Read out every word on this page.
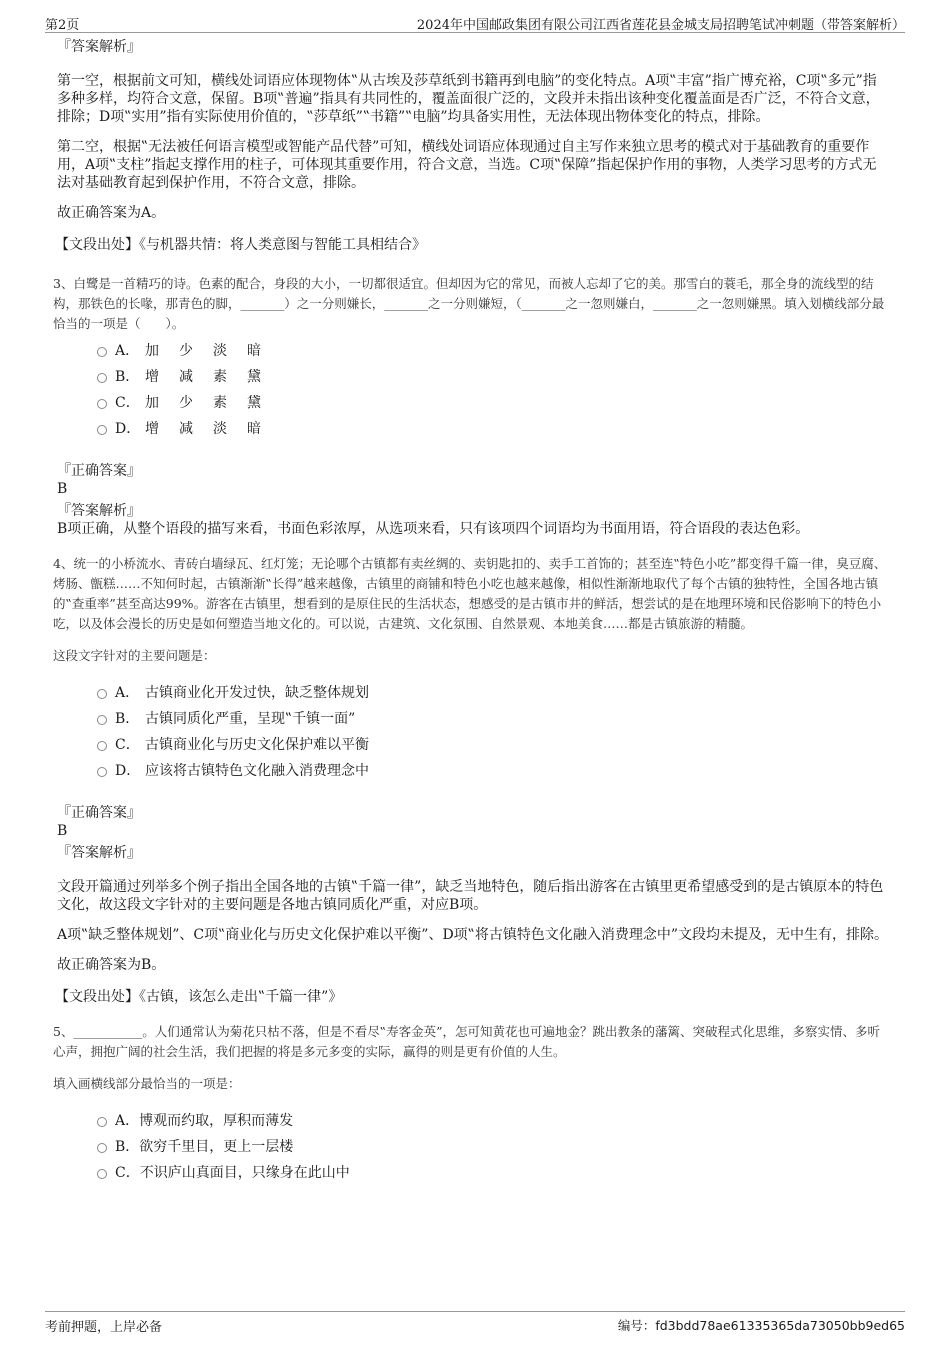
第2页	2024年中国邮政集团有限公司江西省莲花县金城支局招聘笔试冲刺题（带答案解析）

『答案解析』

第一空，根据前文可知，横线处词语应体现物体‟从古埃及莎草纸到书籍再到电脑”的变化特点。A项‟丰富”指广博充裕，C项‟多元”指多种多样，均符合文意，保留。B项‟普遍”指具有共同性的，覆盖面很广泛的，文段并未指出该种变化覆盖面是否广泛，不符合文意，排除；D项‟实用”指有实际使用价值的，‟莎草纸”‟书籍”‟电脑”均具备实用性，无法体现出物体变化的特点，排除。

第二空，根据‟无法被任何语言模型或智能产品代替”可知，横线处词语应体现通过自主写作来独立思考的模式对于基础教育的重要作用，A项‟支柱”指起支撑作用的柱子，可体现其重要作用，符合文意，当选。C项‟保障”指起保护作用的事物，人类学习思考的方式无法对基础教育起到保护作用，不符合文意，排除。

故正确答案为A。

【文段出处】《与机器共情：将人类意图与智能工具相结合》

3、白鹭是一首精巧的诗。色素的配合，身段的大小，一切都很适宜。但却因为它的常见，而被人忘却了它的美。那雪白的蓑毛，那全身的流线型的结构，那铁色的长喙，那青色的脚，_______）之一分则嫌长，_______之一分则嫌短，（_______之一忽则嫌白，_______之一忽则嫌黑。填入划横线部分最恰当的一项是（　　）。

A． 加 少 淡 暗
B． 增 减 素 黛
C． 加 少 素 黛
D． 增 减 淡 暗

『正确答案』

B

『答案解析』

B项正确，从整个语段的描写来看，书面色彩浓厚，从选项来看，只有该项四个词语均为书面用语，符合语段的表达色彩。

4、统一的小桥流水、青砖白墙绿瓦、红灯笼；无论哪个古镇都有卖丝绸的、卖钥匙扣的、卖手工首饰的；甚至连‟特色小吃”都变得千篇一律，臭豆腐、烤肠、甑糕……不知何时起，古镇渐渐‟长得”越来越像，古镇里的商铺和特色小吃也越来越像，相似性渐渐地取代了每个古镇的独特性，全国各地古镇的‟查重率”甚至高达99%。游客在古镇里，想看到的是原住民的生活状态，想感受的是古镇市井的鲜活，想尝试的是在地理环境和民俗影响下的特色小吃，以及体会漫长的历史是如何塑造当地文化的。可以说，古建筑、文化氛围、自然景观、本地美食……都是古镇旅游的精髓。

这段文字针对的主要问题是：

A． 古镇商业化开发过快，缺乏整体规划
B． 古镇同质化严重，呈现‟千镇一面”
C． 古镇商业化与历史文化保护难以平衡
D． 应该将古镇特色文化融入消费理念中

『正确答案』

B

『答案解析』

文段开篇通过列举多个例子指出全国各地的古镇‟千篇一律”，缺乏当地特色，随后指出游客在古镇里更希望感受到的是古镇原本的特色文化，故这段文字针对的主要问题是各地古镇同质化严重，对应B项。

A项‟缺乏整体规划”、C项‟商业化与历史文化保护难以平衡”、D项‟将古镇特色文化融入消费理念中”文段均未提及，无中生有，排除。

故正确答案为B。

【文段出处】《古镇，该怎么走出‟千篇一律”》

5、___________。人们通常认为菊花只枯不落，但是不看尽‟寿客金英”，怎可知黄花也可遍地金？跳出教条的藩篱、突破程式化思维，多察实情、多听心声，拥抱广阔的社会生活，我们把握的将是多元多变的实际，赢得的则是更有价值的人生。

填入画横线部分最恰当的一项是：

A．博观而约取，厚积而薄发
B．欲穷千里目，更上一层楼
C．不识庐山真面目，只缘身在此山中
考前押题，上岸必备	编号：fd3bdd78ae61335365da73050bb9ed65
